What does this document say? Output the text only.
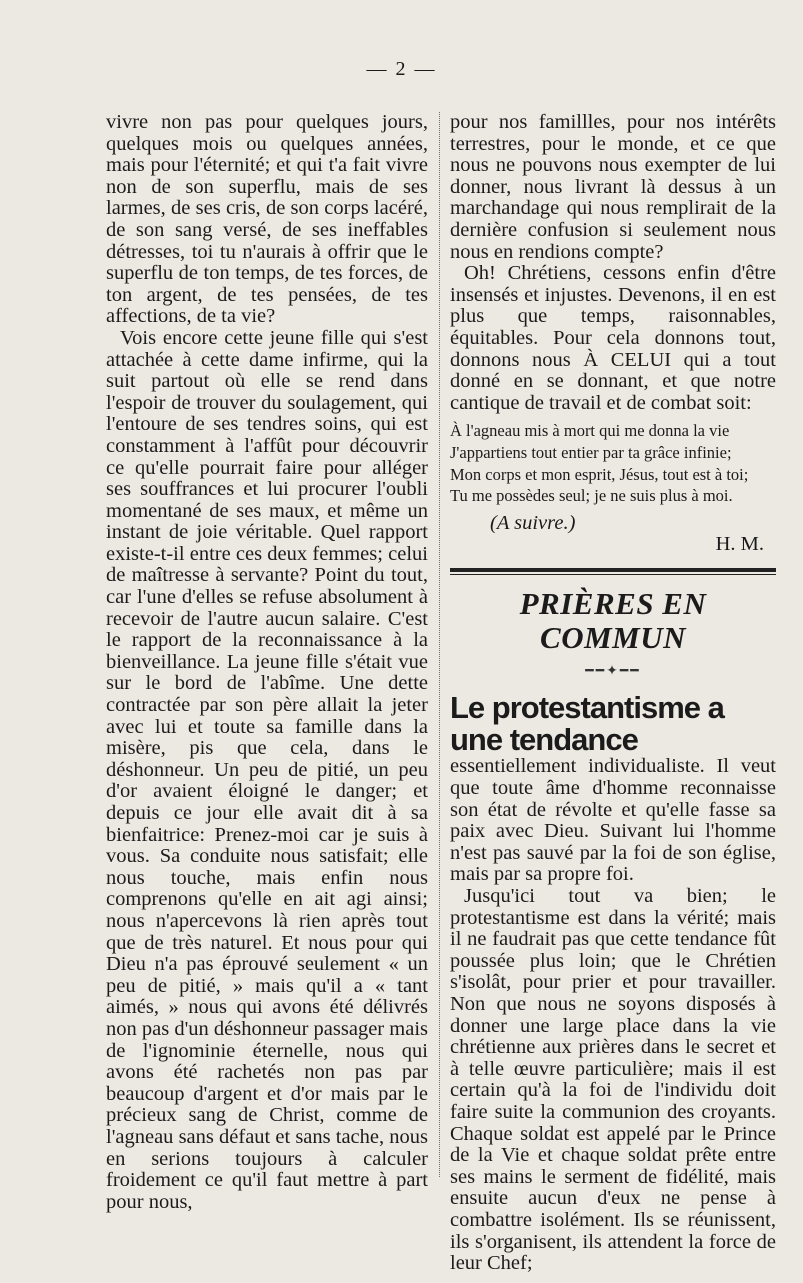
— 2 —

vivre non pas pour quelques jours, quelques mois ou quelques années, mais pour l'éternité; et qui t'a fait vivre non de son superflu, mais de ses larmes, de ses cris, de son corps lacéré, de son sang versé, de ses ineffables détresses, toi tu n'aurais à offrir que le superflu de ton temps, de tes forces, de ton argent, de tes pensées, de tes affections, de ta vie?

Vois encore cette jeune fille qui s'est attachée à cette dame infirme, qui la suit partout où elle se rend dans l'espoir de trouver du soulagement, qui l'entoure de ses tendres soins, qui est constamment à l'affût pour découvrir ce qu'elle pourrait faire pour alléger ses souffrances et lui procurer l'oubli momentané de ses maux, et même un instant de joie véritable. Quel rapport existe-t-il entre ces deux femmes; celui de maîtresse à servante? Point du tout, car l'une d'elles se refuse absolument à recevoir de l'autre aucun salaire. C'est le rapport de la reconnaissance à la bienveillance. La jeune fille s'était vue sur le bord de l'abîme. Une dette contractée par son père allait la jeter avec lui et toute sa famille dans la misère, pis que cela, dans le déshonneur. Un peu de pitié, un peu d'or avaient éloigné le danger; et depuis ce jour elle avait dit à sa bienfaitrice: Prenez-moi car je suis à vous. Sa conduite nous satisfait; elle nous touche, mais enfin nous comprenons qu'elle en ait agi ainsi; nous n'apercevons là rien après tout que de très naturel. Et nous pour qui Dieu n'a pas éprouvé seulement « un peu de pitié, » mais qu'il a « tant aimés, » nous qui avons été délivrés non pas d'un déshonneur passager mais de l'ignominie éternelle, nous qui avons été rachetés non pas par beaucoup d'argent et d'or mais par le précieux sang de Christ, comme de l'agneau sans défaut et sans tache, nous en serions toujours à calculer froidement ce qu'il faut mettre à part pour nous,

pour nos famillles, pour nos intérêts terrestres, pour le monde, et ce que nous ne pouvons nous exempter de lui donner, nous livrant là dessus à un marchandage qui nous remplirait de la dernière confusion si seulement nous nous en rendions compte?

Oh! Chrétiens, cessons enfin d'être insensés et injustes. Devenons, il en est plus que temps, raisonnables, équitables. Pour cela donnons tout, donnons nous À CELUI qui a tout donné en se donnant, et que notre cantique de travail et de combat soit:

À l'agneau mis à mort qui me donna la vie
J'appartiens tout entier par ta grâce infinie;
Mon corps et mon esprit, Jésus, tout est à toi;
Tu me possèdes seul; je ne suis plus à moi.

(A suivre.)

H. M.

PRIÈRES EN COMMUN
━━✦━━

Le protestantisme a une tendance

essentiellement individualiste. Il veut que toute âme d'homme reconnaisse son état de révolte et qu'elle fasse sa paix avec Dieu. Suivant lui l'homme n'est pas sauvé par la foi de son église, mais par sa propre foi.

Jusqu'ici tout va bien; le protestantisme est dans la vérité; mais il ne faudrait pas que cette tendance fût poussée plus loin; que le Chrétien s'isolât, pour prier et pour travailler. Non que nous ne soyons disposés à donner une large place dans la vie chrétienne aux prières dans le secret et à telle œuvre particulière; mais il est certain qu'à la foi de l'individu doit faire suite la communion des croyants. Chaque soldat est appelé par le Prince de la Vie et chaque soldat prête entre ses mains le serment de fidélité, mais ensuite aucun d'eux ne pense à combattre isolément. Ils se réunissent, ils s'organisent, ils attendent la force de leur Chef;
